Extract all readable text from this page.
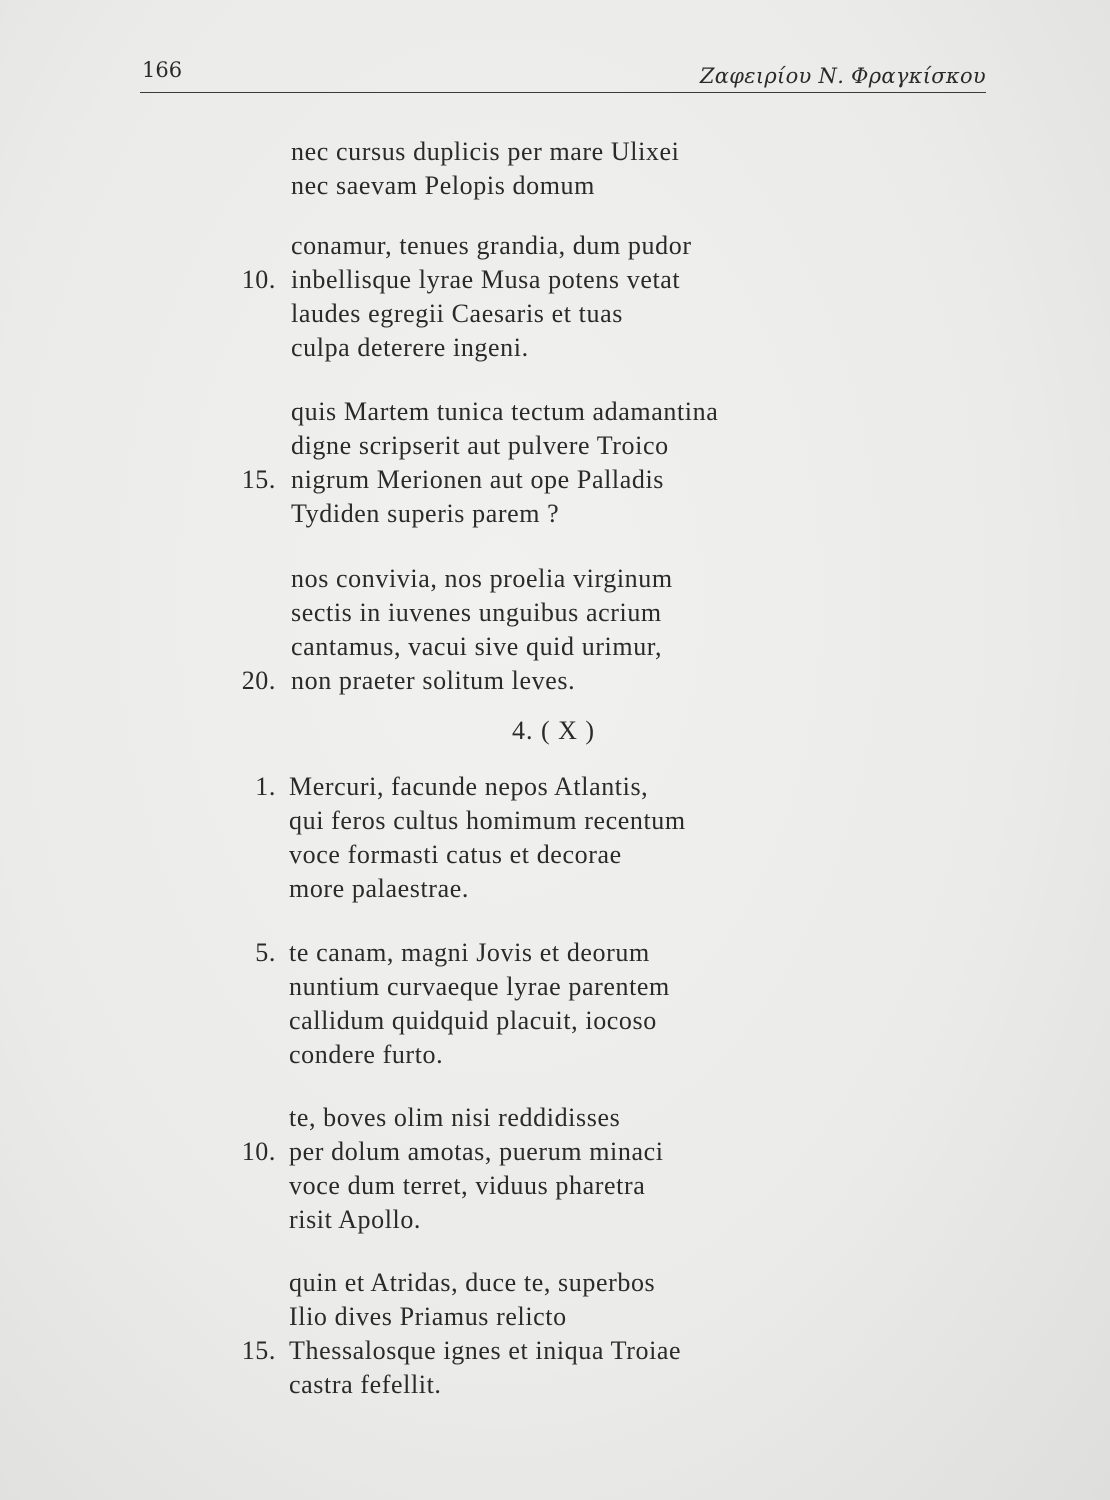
166	Ζαφειρίου Ν. Φραγκίσκου
nec cursus duplicis per mare Ulixei
nec saevam Pelopis domum
conamur, tenues grandia, dum pudor
10. inbellisque lyrae Musa potens vetat
laudes egregii Caesaris et tuas
culpa deterere ingeni.
quis Martem tunica tectum adamantina
digne scripserit aut pulvere Troico
15. nigrum Merionen aut ope Palladis
Tydiden superis parem ?
nos convivia, nos proelia virginum
sectis in iuvenes unguibus acrium
cantamus, vacui sive quid urimur,
20. non praeter solitum leves.
4. ( X )
1. Mercuri, facunde nepos Atlantis,
qui feros cultus homimum recentum
voce formasti catus et decorae
more palaestrae.
5. te canam, magni Jovis et deorum
nuntium curvaeque lyrae parentem
callidum quidquid placuit, iocoso
condere furto.
te, boves olim nisi reddidisses
10. per dolum amotas, puerum minaci
voce dum terret, viduus pharetra
risit Apollo.
quin et Atridas, duce te, superbos
Ilio dives Priamus relicto
15. Thessalosque ignes et iniqua Troiae
castra fefellit.
